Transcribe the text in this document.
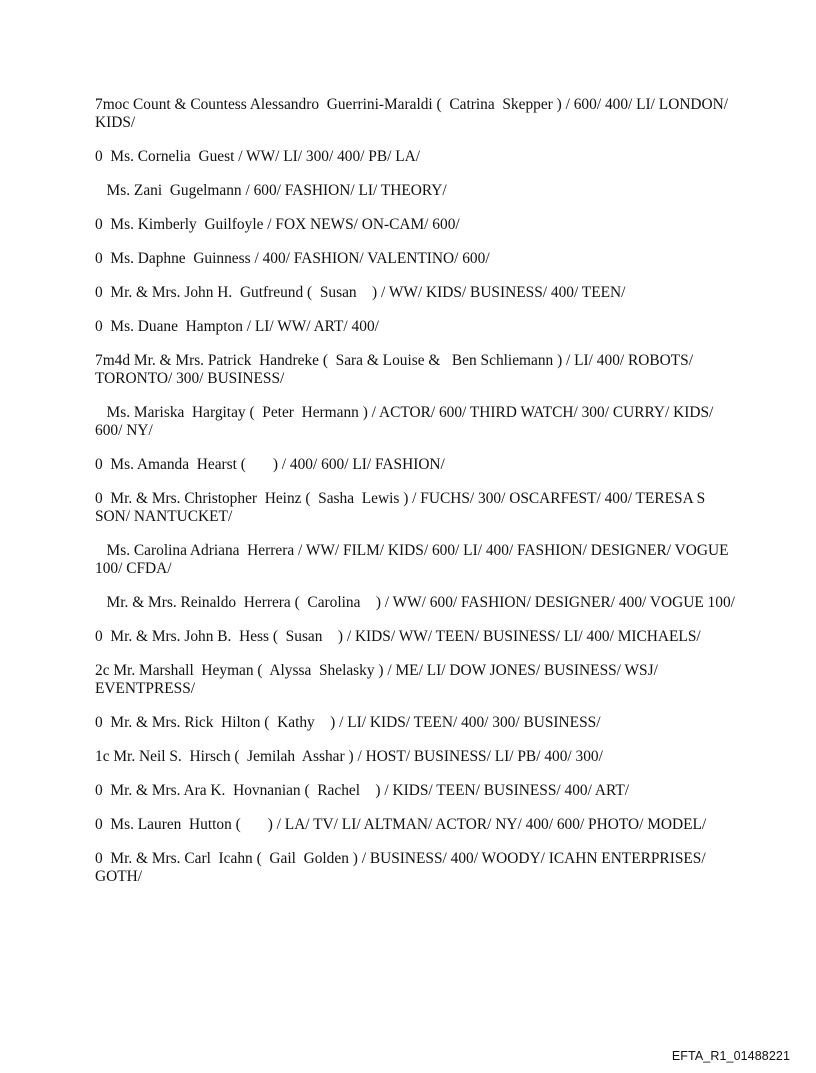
7moc Count & Countess Alessandro  Guerrini-Maraldi (  Catrina  Skepper ) / 600/ 400/ LI/ LONDON/ KIDS/

0  Ms. Cornelia  Guest / WW/ LI/ 300/ 400/ PB/ LA/

Ms. Zani  Gugelmann / 600/ FASHION/ LI/ THEORY/

0  Ms. Kimberly  Guilfoyle / FOX NEWS/ ON-CAM/ 600/

0  Ms. Daphne  Guinness / 400/ FASHION/ VALENTINO/ 600/

0  Mr. & Mrs. John H.  Gutfreund (  Susan    ) / WW/ KIDS/ BUSINESS/ 400/ TEEN/

0  Ms. Duane  Hampton / LI/ WW/ ART/ 400/

7m4d Mr. & Mrs. Patrick  Handreke (  Sara & Louise &   Ben Schliemann ) / LI/ 400/ ROBOTS/ TORONTO/ 300/ BUSINESS/

Ms. Mariska  Hargitay (  Peter  Hermann ) / ACTOR/ 600/ THIRD WATCH/ 300/ CURRY/ KIDS/ 600/ NY/

0  Ms. Amanda  Hearst (       ) / 400/ 600/ LI/ FASHION/

0  Mr. & Mrs. Christopher  Heinz (  Sasha  Lewis ) / FUCHS/ 300/ OSCARFEST/ 400/ TERESA S SON/ NANTUCKET/

Ms. Carolina Adriana  Herrera / WW/ FILM/ KIDS/ 600/ LI/ 400/ FASHION/ DESIGNER/ VOGUE 100/ CFDA/

Mr. & Mrs. Reinaldo  Herrera (  Carolina    ) / WW/ 600/ FASHION/ DESIGNER/ 400/ VOGUE 100/

0  Mr. & Mrs. John B.  Hess (  Susan    ) / KIDS/ WW/ TEEN/ BUSINESS/ LI/ 400/ MICHAELS/

2c Mr. Marshall  Heyman (  Alyssa  Shelasky ) / ME/ LI/ DOW JONES/ BUSINESS/ WSJ/ EVENTPRESS/

0  Mr. & Mrs. Rick  Hilton (  Kathy    ) / LI/ KIDS/ TEEN/ 400/ 300/ BUSINESS/

1c Mr. Neil S.  Hirsch (  Jemilah  Asshar ) / HOST/ BUSINESS/ LI/ PB/ 400/ 300/

0  Mr. & Mrs. Ara K.  Hovnanian (  Rachel    ) / KIDS/ TEEN/ BUSINESS/ 400/ ART/

0  Ms. Lauren  Hutton (       ) / LA/ TV/ LI/ ALTMAN/ ACTOR/ NY/ 400/ 600/ PHOTO/ MODEL/

0  Mr. & Mrs. Carl  Icahn (  Gail  Golden ) / BUSINESS/ 400/ WOODY/ ICAHN ENTERPRISES/ GOTH/

EFTA_R1_01488221
